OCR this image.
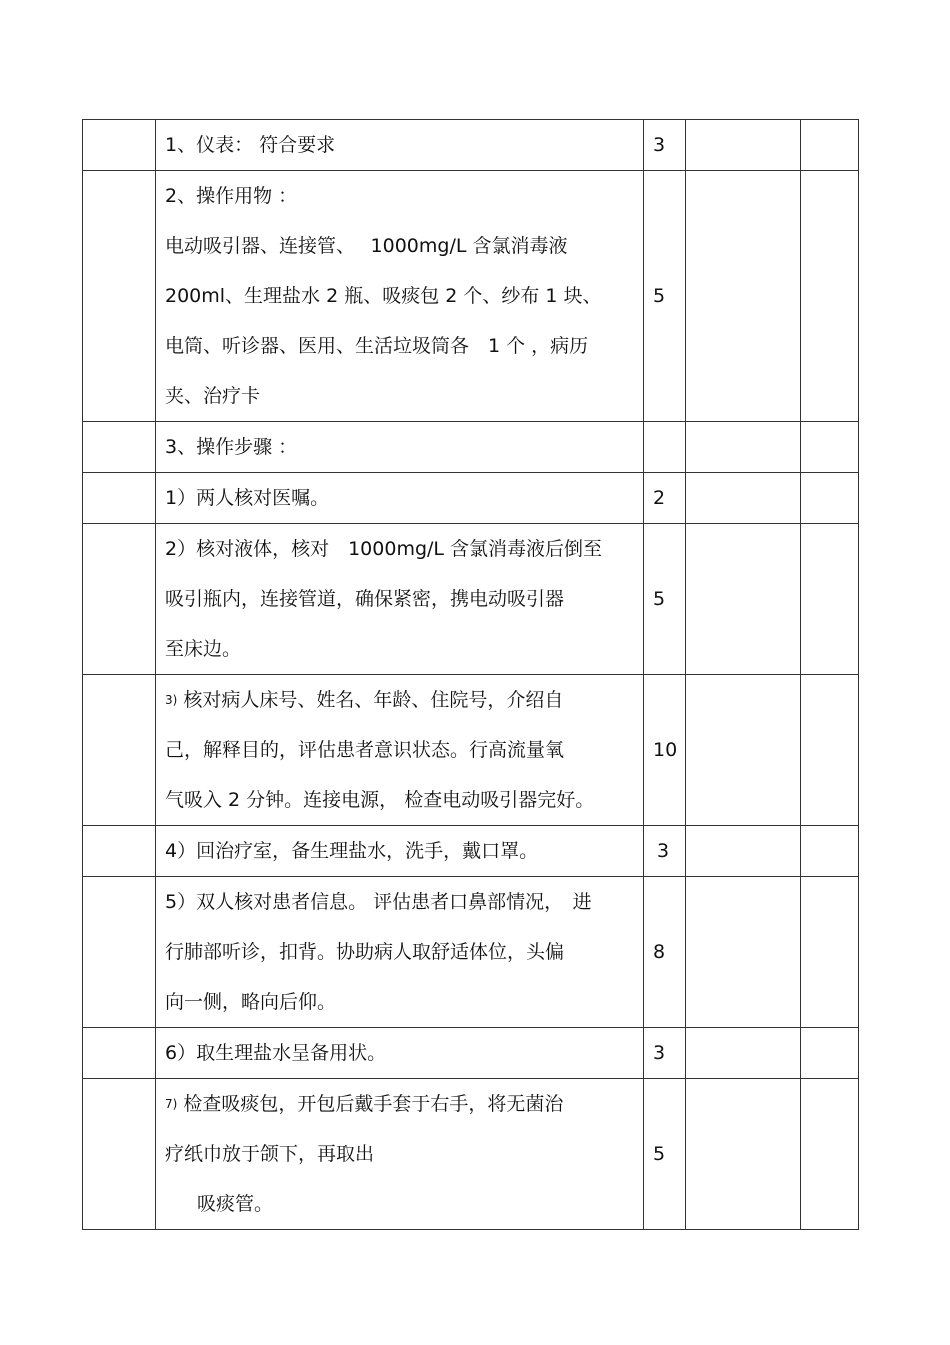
	1、仪表： 符合要求	3		

	2、操作用物 ：
电动吸引器、连接管、　 1000mg/L 含氯消毒液
200ml、生理盐水 2 瓶、吸痰包 2 个、纱布 1 块、
电筒、听诊器、医用、生活垃圾筒各　1 个 ，病历
夹、治疗卡	5		

	3、操作步骤 ：			

	1）两人核对医嘱。	2		

	2）核对液体，核对　1000mg/L 含氯消毒液后倒至
吸引瓶内，连接管道，确保紧密，携电动吸引器
至床边。	5		

	3) 核对病人床号、姓名、年龄、住院号，介绍自
己，解释目的，评估患者意识状态。行高流量氧
气吸入 2 分钟。连接电源， 检查电动吸引器完好。	10		

	4）回治疗室，备生理盐水，洗手，戴口罩。	3		

	5）双人核对患者信息。 评估患者口鼻部情况，　进
行肺部听诊，扣背。协助病人取舒适体位，头偏
向一侧，略向后仰。	8		

	6）取生理盐水呈备用状。	3		

	7) 检查吸痰包，开包后戴手套于右手，将无菌治
疗纸巾放于颌下，再取出
吸痰管。	5		
